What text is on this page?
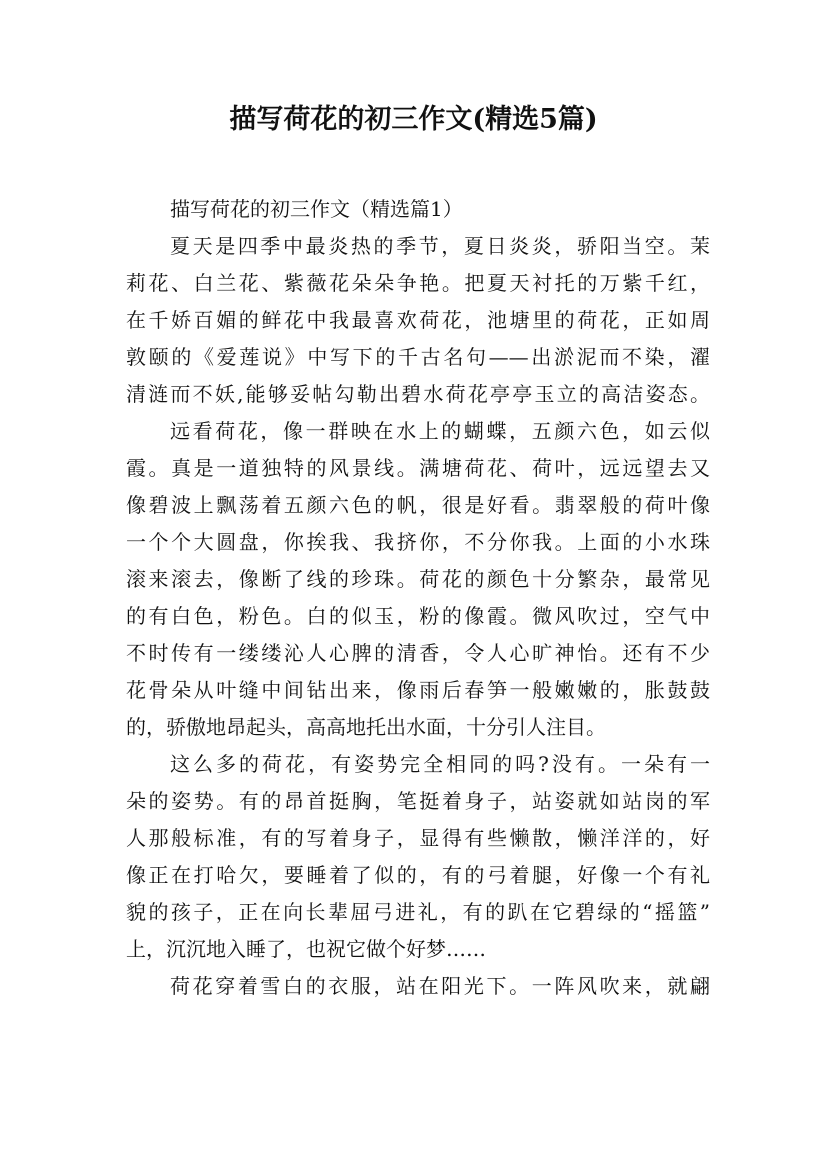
描写荷花的初三作文(精选5篇)

描写荷花的初三作文（精选篇1）

夏天是四季中最炎热的季节，夏日炎炎，骄阳当空。茉

莉花、白兰花、紫薇花朵朵争艳。把夏天衬托的万紫千红，

在千娇百媚的鲜花中我最喜欢荷花，池塘里的荷花，正如周

敦颐的《爱莲说》中写下的千古名句——出淤泥而不染，濯

清涟而不妖,能够妥帖勾勒出碧水荷花亭亭玉立的高洁姿态。

远看荷花，像一群映在水上的蝴蝶，五颜六色，如云似

霞。真是一道独特的风景线。满塘荷花、荷叶，远远望去又

像碧波上飘荡着五颜六色的帆，很是好看。翡翠般的荷叶像

一个个大圆盘，你挨我、我挤你，不分你我。上面的小水珠

滚来滚去，像断了线的珍珠。荷花的颜色十分繁杂，最常见

的有白色，粉色。白的似玉，粉的像霞。微风吹过，空气中

不时传有一缕缕沁人心脾的清香，令人心旷神怡。还有不少

花骨朵从叶缝中间钻出来，像雨后春笋一般嫩嫩的，胀鼓鼓

的，骄傲地昂起头，高高地托出水面，十分引人注目。

这么多的荷花，有姿势完全相同的吗?没有。一朵有一

朵的姿势。有的昂首挺胸，笔挺着身子，站姿就如站岗的军

人那般标准，有的写着身子，显得有些懒散，懒洋洋的，好

像正在打哈欠，要睡着了似的，有的弓着腿，好像一个有礼

貌的孩子，正在向长辈屈弓进礼，有的趴在它碧绿的“摇篮”

上，沉沉地入睡了，也祝它做个好梦……

荷花穿着雪白的衣服，站在阳光下。一阵风吹来，就翩
